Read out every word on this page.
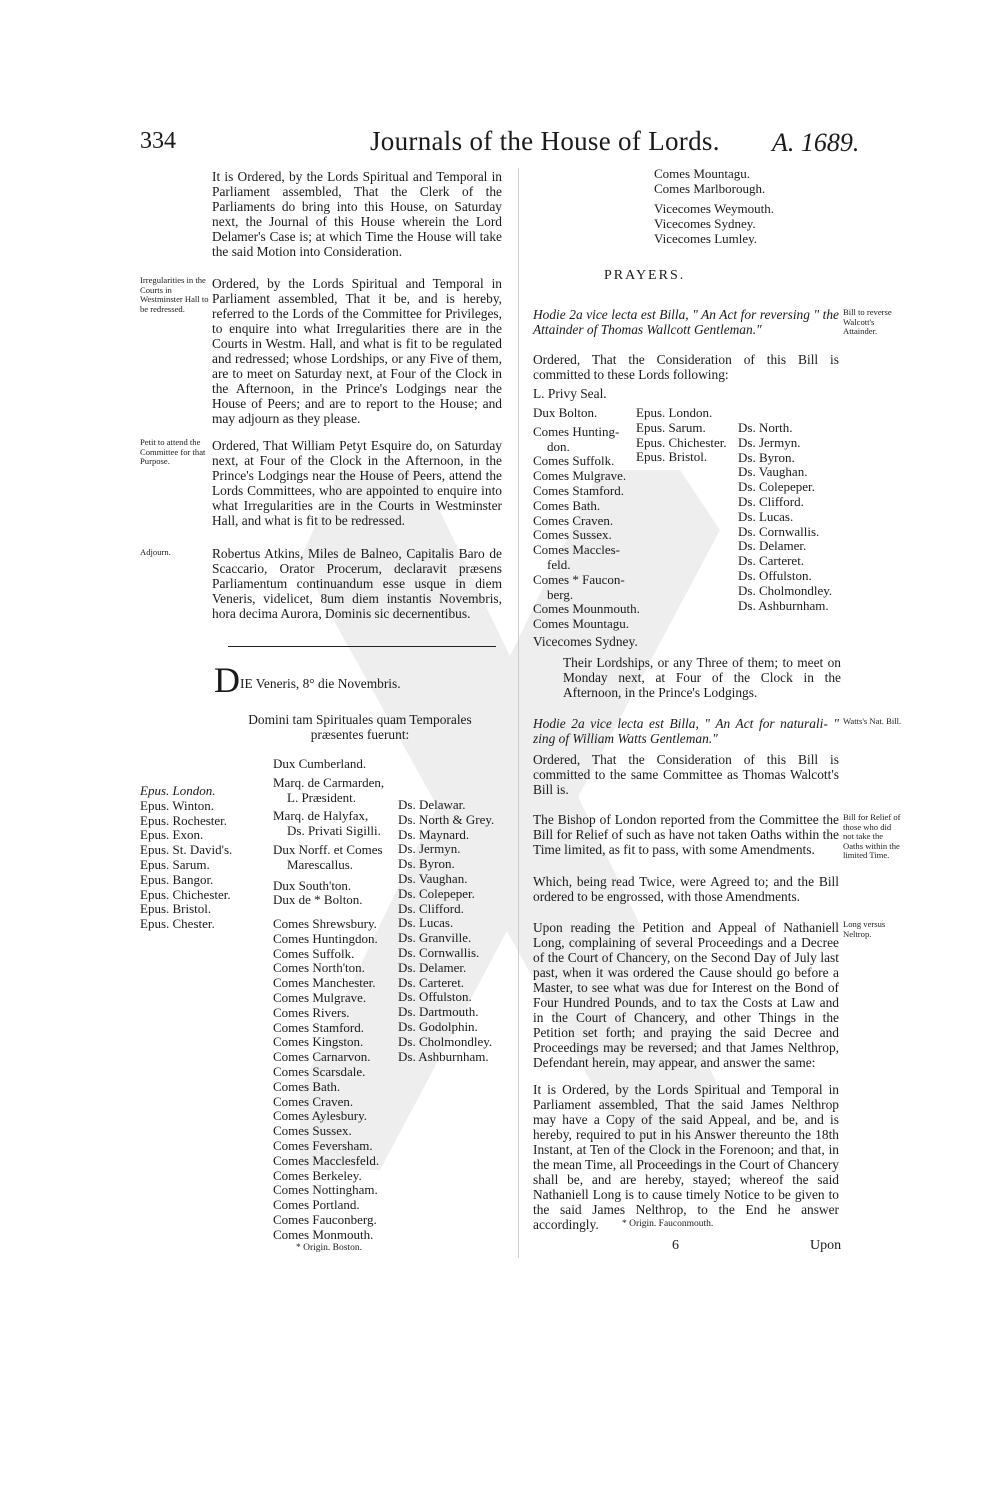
334	Journals of the House of Lords. A. 1689.
It is Ordered, by the Lords Spiritual and Temporal in Parliament assembled, That the Clerk of the Parliaments do bring into this House, on Saturday next, the Journal of this House wherein the Lord Delamer's Case is; at which Time the House will take the said Motion into Consideration.
Irregularities in the Courts in Westminster Hall to be redressed.
Ordered, by the Lords Spiritual and Temporal in Parliament assembled, That it be, and is hereby, referred to the Lords of the Committee for Privileges, to enquire into what Irregularities there are in the Courts in Westm. Hall, and what is fit to be regulated and redressed; whose Lordships, or any Five of them, are to meet on Saturday next, at Four of the Clock in the Afternoon, in the Prince's Lodgings near the House of Peers; and are to report to the House; and may adjourn as they please.
Petit to attend the Committee for that Purpose.
Ordered, That William Petyt Esquire do, on Saturday next, at Four of the Clock in the Afternoon, in the Prince's Lodgings near the House of Peers, attend the Lords Committees, who are appointed to enquire into what Irregularities are in the Courts in Westminster Hall, and what is fit to be redressed.
Adjourn.	Robertus Atkins, Miles de Balneo, Capitalis Baro de Scaccario, Orator Procerum, declaravit præsens Parliamentum continuandum esse usque in diem Veneris, videlicet, 8um diem instantis Novembris, hora decima Aurora, Dominis sic decernentibus.
DIE Veneris, 8° die Novembris.
Domini tam Spirituales quam Temporales præsentes fuerunt:
Epus. London.
Epus. Winton.
Epus. Rochester.
Epus. Exon.
Epus. St. David's.
Epus. Sarum.
Epus. Bangor.
Epus. Chichester.
Epus. Bristol.
Epus. Chester.
Dux Cumberland.
Marq. de Carmarden,
L. Præsident.
Marq. de Halyfax,
Ds. Privati Sigilli.
Dux Norff. et Comes
Marescallus.
Dux South'ton.
Dux de * Bolton.
Comes Shrewsbury.
Comes Huntingdon.
Comes Suffolk.
Comes North'ton.
Comes Manchester.
Comes Mulgrave.
Comes Rivers.
Comes Stamford.
Comes Kingston.
Comes Carnarvon.
Comes Scarsdale.
Comes Bath.
Comes Craven.
Comes Aylesbury.
Comes Sussex.
Comes Feversham.
Comes Macclesfeld.
Comes Berkeley.
Comes Nottingham.
Comes Portland.
Comes Fauconberg.
Comes Monmouth.
Ds. Delawar.
Ds. North & Grey.
Ds. Maynard.
Ds. Jermyn.
Ds. Byron.
Ds. Vaughan.
Ds. Colepeper.
Ds. Clifford.
Ds. Lucas.
Ds. Granville.
Ds. Cornwallis.
Ds. Delamer.
Ds. Carteret.
Ds. Offulston.
Ds. Dartmouth.
Ds. Godolphin.
Ds. Cholmondley.
Ds. Ashburnham.
* Origin. Boston.
Comes Mountagu.
Comes Marlborough.
Vicecomes Weymouth.
Vicecomes Sydney.
Vicecomes Lumley.
PRAYERS.
Hodie 2a vice lecta est Billa, " An Act for reversing " the Attainder of Thomas Wallcott Gentleman."
Bill to reverse Walcott's Attainder.
Ordered, That the Consideration of this Bill is committed to these Lords following:
L. Privy Seal.
Dux Bolton.
Comes Hunting-
don.
Comes Suffolk.
Comes Mulgrave.
Comes Stamford.
Comes Bath.
Comes Craven.
Comes Sussex.
Comes Maccles-
feld.
Comes * Faucon-
berg.
Comes Mounmouth.
Comes Mountagu.
Vicecomes Sydney.
Epus. London.
Epus. Sarum.
Epus. Chichester.
Epus. Bristol.
Ds. North.
Ds. Jermyn.
Ds. Byron.
Ds. Vaughan.
Ds. Colepeper.
Ds. Clifford.
Ds. Lucas.
Ds. Cornwallis.
Ds. Delamer.
Ds. Carteret.
Ds. Offulston.
Ds. Cholmondley.
Ds. Ashburnham.
Their Lordships, or any Three of them; to meet on Monday next, at Four of the Clock in the Afternoon, in the Prince's Lodgings.
Hodie 2a vice lecta est Billa, " An Act for naturali- " zing of William Watts Gentleman."
Watts's Nat. Bill.
Ordered, That the Consideration of this Bill is committed to the same Committee as Thomas Walcott's Bill is.
The Bishop of London reported from the Committee the Bill for Relief of such as have not taken Oaths within the Time limited, as fit to pass, with some Amendments.
Bill for Relief of those who did not take the Oaths within the limited Time.
Which, being read Twice, were Agreed to; and the Bill ordered to be engrossed, with those Amendments.
Upon reading the Petition and Appeal of Nathaniell Long, complaining of several Proceedings and a Decree of the Court of Chancery, on the Second Day of July last past, when it was ordered the Cause should go before a Master, to see what was due for Interest on the Bond of Four Hundred Pounds, and to tax the Costs at Law and in the Court of Chancery, and other Things in the Petition set forth; and praying the said Decree and Proceedings may be reversed; and that James Nelthrop, Defendant herein, may appear, and answer the same:
Long versus Neltrop.
It is Ordered, by the Lords Spiritual and Temporal in Parliament assembled, That the said James Nelthrop may have a Copy of the said Appeal, and be, and is hereby, required to put in his Answer thereunto the 18th Instant, at Ten of the Clock in the Forenoon; and that, in the mean Time, all Proceedings in the Court of Chancery shall be, and are hereby, stayed; whereof the said Nathaniell Long is to cause timely Notice to be given to the said James Nelthrop, to the End he answer accordingly.	* Origin. Fauconmouth.
6	Upon
